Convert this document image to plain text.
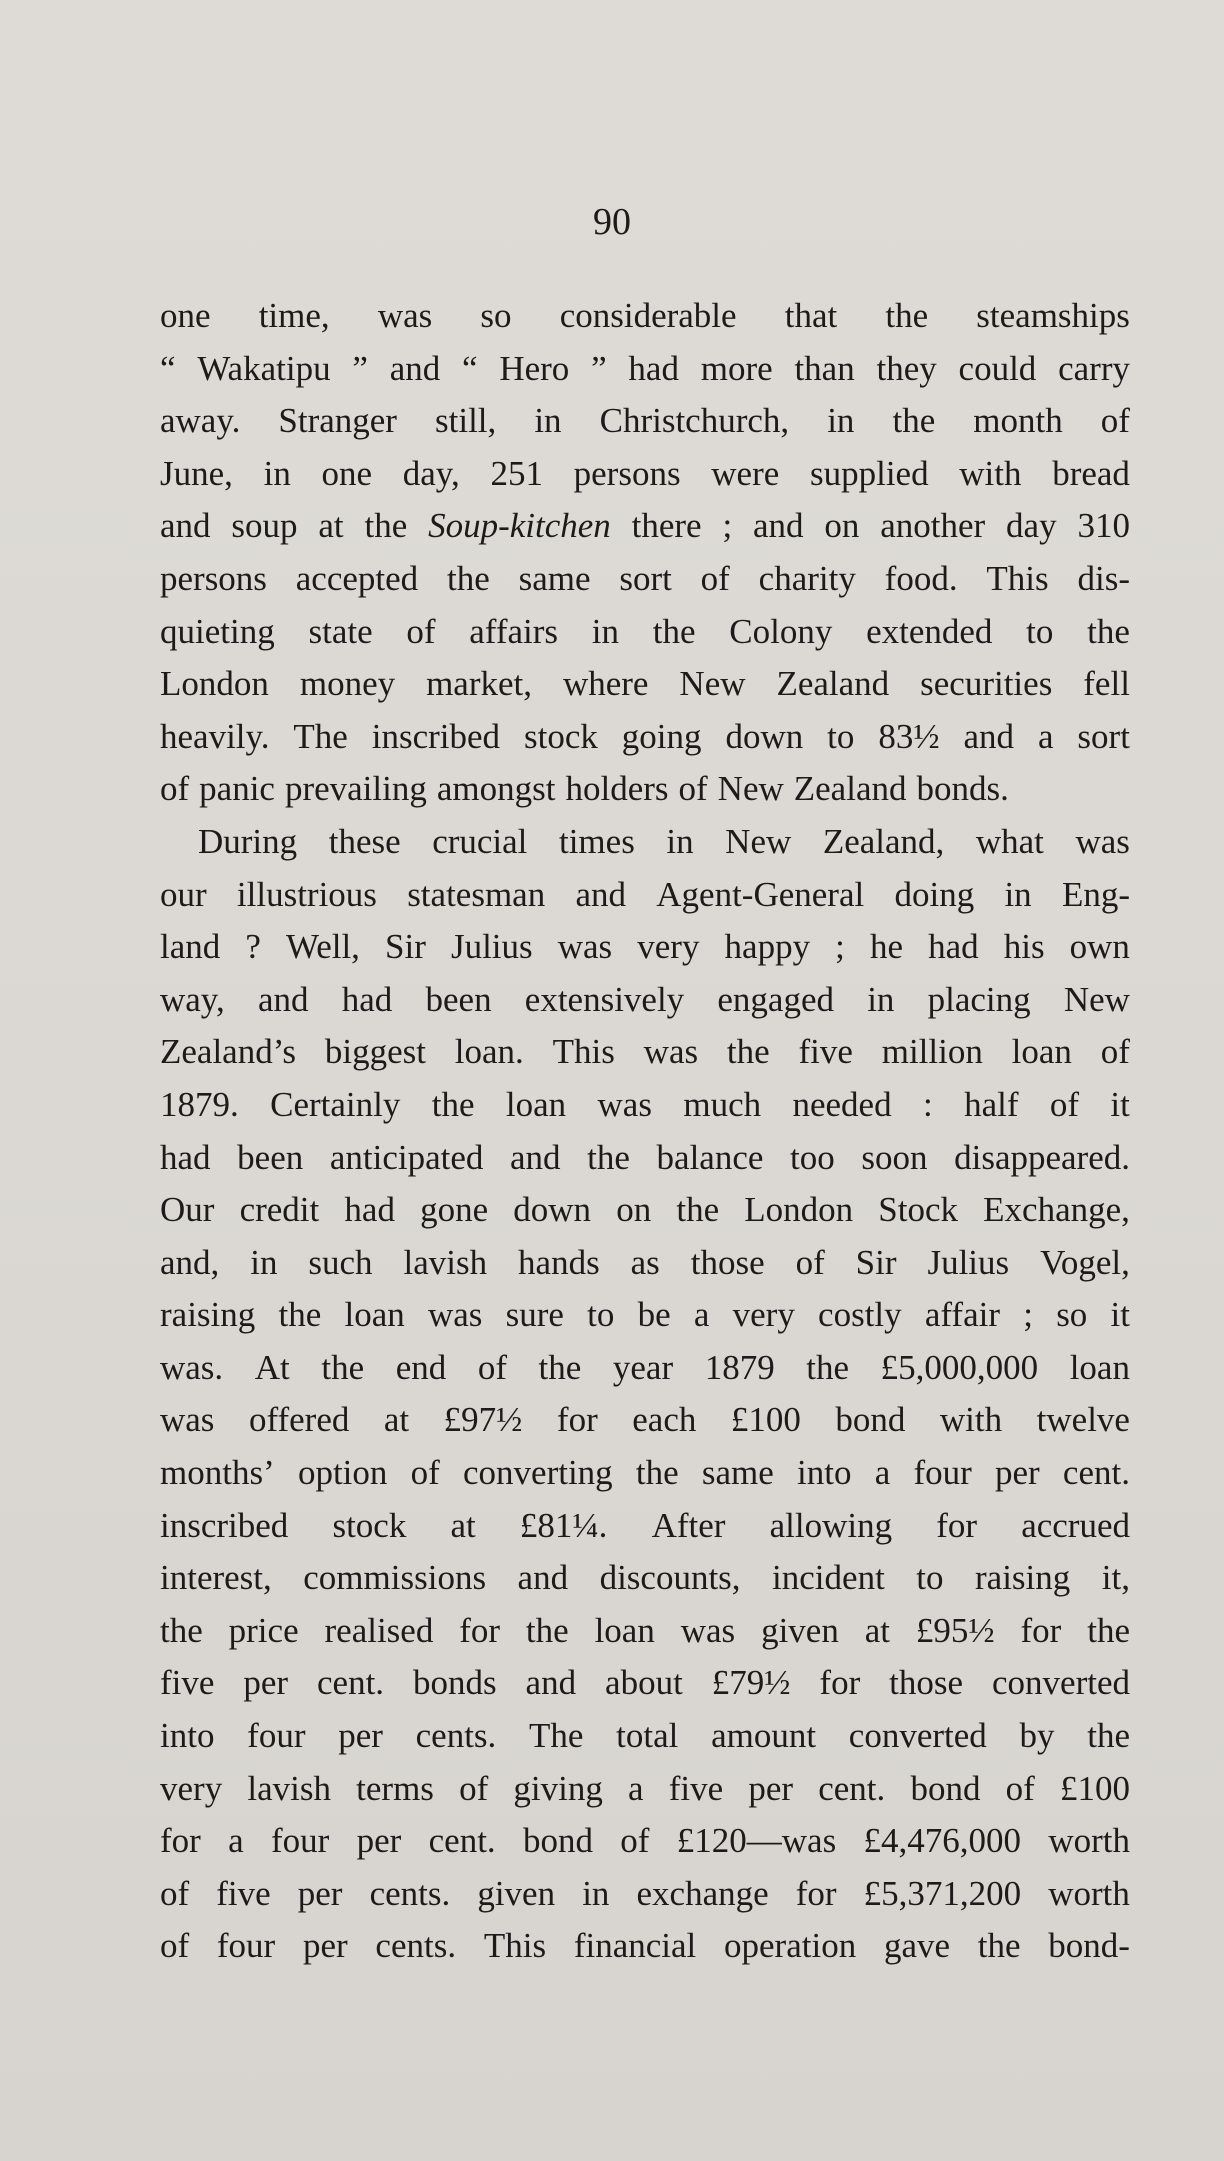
90
one time, was so considerable that the steamships
“ Wakatipu ” and “ Hero ” had more than they could carry
away. Stranger still, in Christchurch, in the month of
June, in one day, 251 persons were supplied with bread
and soup at the Soup-kitchen there ; and on another day 310
persons accepted the same sort of charity food. This dis-
quieting state of affairs in the Colony extended to the
London money market, where New Zealand securities fell
heavily. The inscribed stock going down to 83½ and a sort
of panic prevailing amongst holders of New Zealand bonds.
During these crucial times in New Zealand, what was
our illustrious statesman and Agent-General doing in Eng-
land ? Well, Sir Julius was very happy ; he had his own
way, and had been extensively engaged in placing New
Zealand’s biggest loan. This was the five million loan of
1879. Certainly the loan was much needed : half of it
had been anticipated and the balance too soon disappeared.
Our credit had gone down on the London Stock Exchange,
and, in such lavish hands as those of Sir Julius Vogel,
raising the loan was sure to be a very costly affair ; so it
was. At the end of the year 1879 the £5,000,000 loan
was offered at £97½ for each £100 bond with twelve
months’ option of converting the same into a four per cent.
inscribed stock at £81¼. After allowing for accrued
interest, commissions and discounts, incident to raising it,
the price realised for the loan was given at £95½ for the
five per cent. bonds and about £79½ for those converted
into four per cents. The total amount converted by the
very lavish terms of giving a five per cent. bond of £100
for a four per cent. bond of £120—was £4,476,000 worth
of five per cents. given in exchange for £5,371,200 worth
of four per cents. This financial operation gave the bond-
